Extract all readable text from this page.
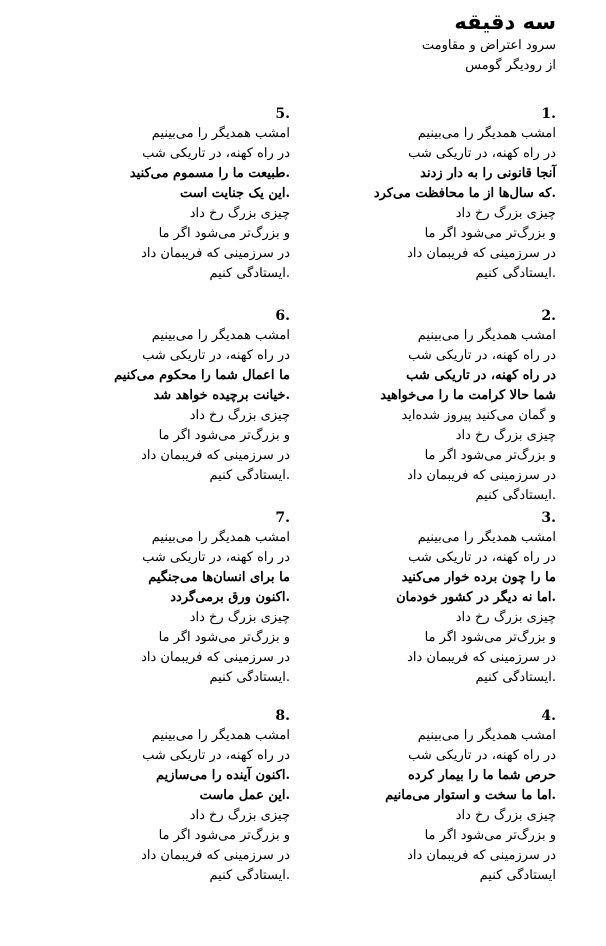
سه دقیقه
سرود اعتراض و مقاومت
از رودیگر گومس
1.
امشب همدیگر را می‌بینیم
در راه کهنه، در تاریکی شب
آنجا قانونی را به دار زدند
.که سال‌ها از ما محافظت می‌کرد
چیزی بزرگ رخ داد
و بزرگ‌تر می‌شود اگر ما
در سرزمینی که فریبمان داد
.ایستادگی کنیم
2.
امشب همدیگر را می‌بینیم
در راه کهنه، در تاریکی شب
در راه کهنه، در تاریکی شب
شما حالا کرامت ما را می‌خواهید
و گمان می‌کنید پیروز شده‌اید
چیزی بزرگ رخ داد
و بزرگ‌تر می‌شود اگر ما
در سرزمینی که فریبمان داد
.ایستادگی کنیم
3.
امشب همدیگر را می‌بینیم
در راه کهنه، در تاریکی شب
ما را چون برده خوار می‌کنید
.اما نه دیگر در کشور خودمان
چیزی بزرگ رخ داد
و بزرگ‌تر می‌شود اگر ما
در سرزمینی که فریبمان داد
.ایستادگی کنیم
4.
امشب همدیگر را می‌بینیم
در راه کهنه، در تاریکی شب
حرص شما ما را بیمار کرده
.اما ما سخت و استوار می‌مانیم
چیزی بزرگ رخ داد
و بزرگ‌تر می‌شود اگر ما
در سرزمینی که فریبمان داد
ایستادگی کنیم
5.
امشب همدیگر را می‌بینیم
در راه کهنه، در تاریکی شب
.طبیعت ما را مسموم می‌کنید
.این یک جنایت است
چیزی بزرگ رخ داد
و بزرگ‌تر می‌شود اگر ما
در سرزمینی که فریبمان داد
.ایستادگی کنیم
6.
امشب همدیگر را می‌بینیم
در راه کهنه، در تاریکی شب
ما اعمال شما را محکوم می‌کنیم
.خیانت برچیده خواهد شد
چیزی بزرگ رخ داد
و بزرگ‌تر می‌شود اگر ما
در سرزمینی که فریبمان داد
.ایستادگی کنیم
7.
امشب همدیگر را می‌بینیم
در راه کهنه، در تاریکی شب
ما برای انسان‌ها می‌جنگیم
.اکنون ورق برمی‌گردد
چیزی بزرگ رخ داد
و بزرگ‌تر می‌شود اگر ما
در سرزمینی که فریبمان داد
.ایستادگی کنیم
8.
امشب همدیگر را می‌بینیم
در راه کهنه، در تاریکی شب
.اکنون آینده را می‌سازیم
.این عمل ماست
چیزی بزرگ رخ داد
و بزرگ‌تر می‌شود اگر ما
در سرزمینی که فریبمان داد
.ایستادگی کنیم
